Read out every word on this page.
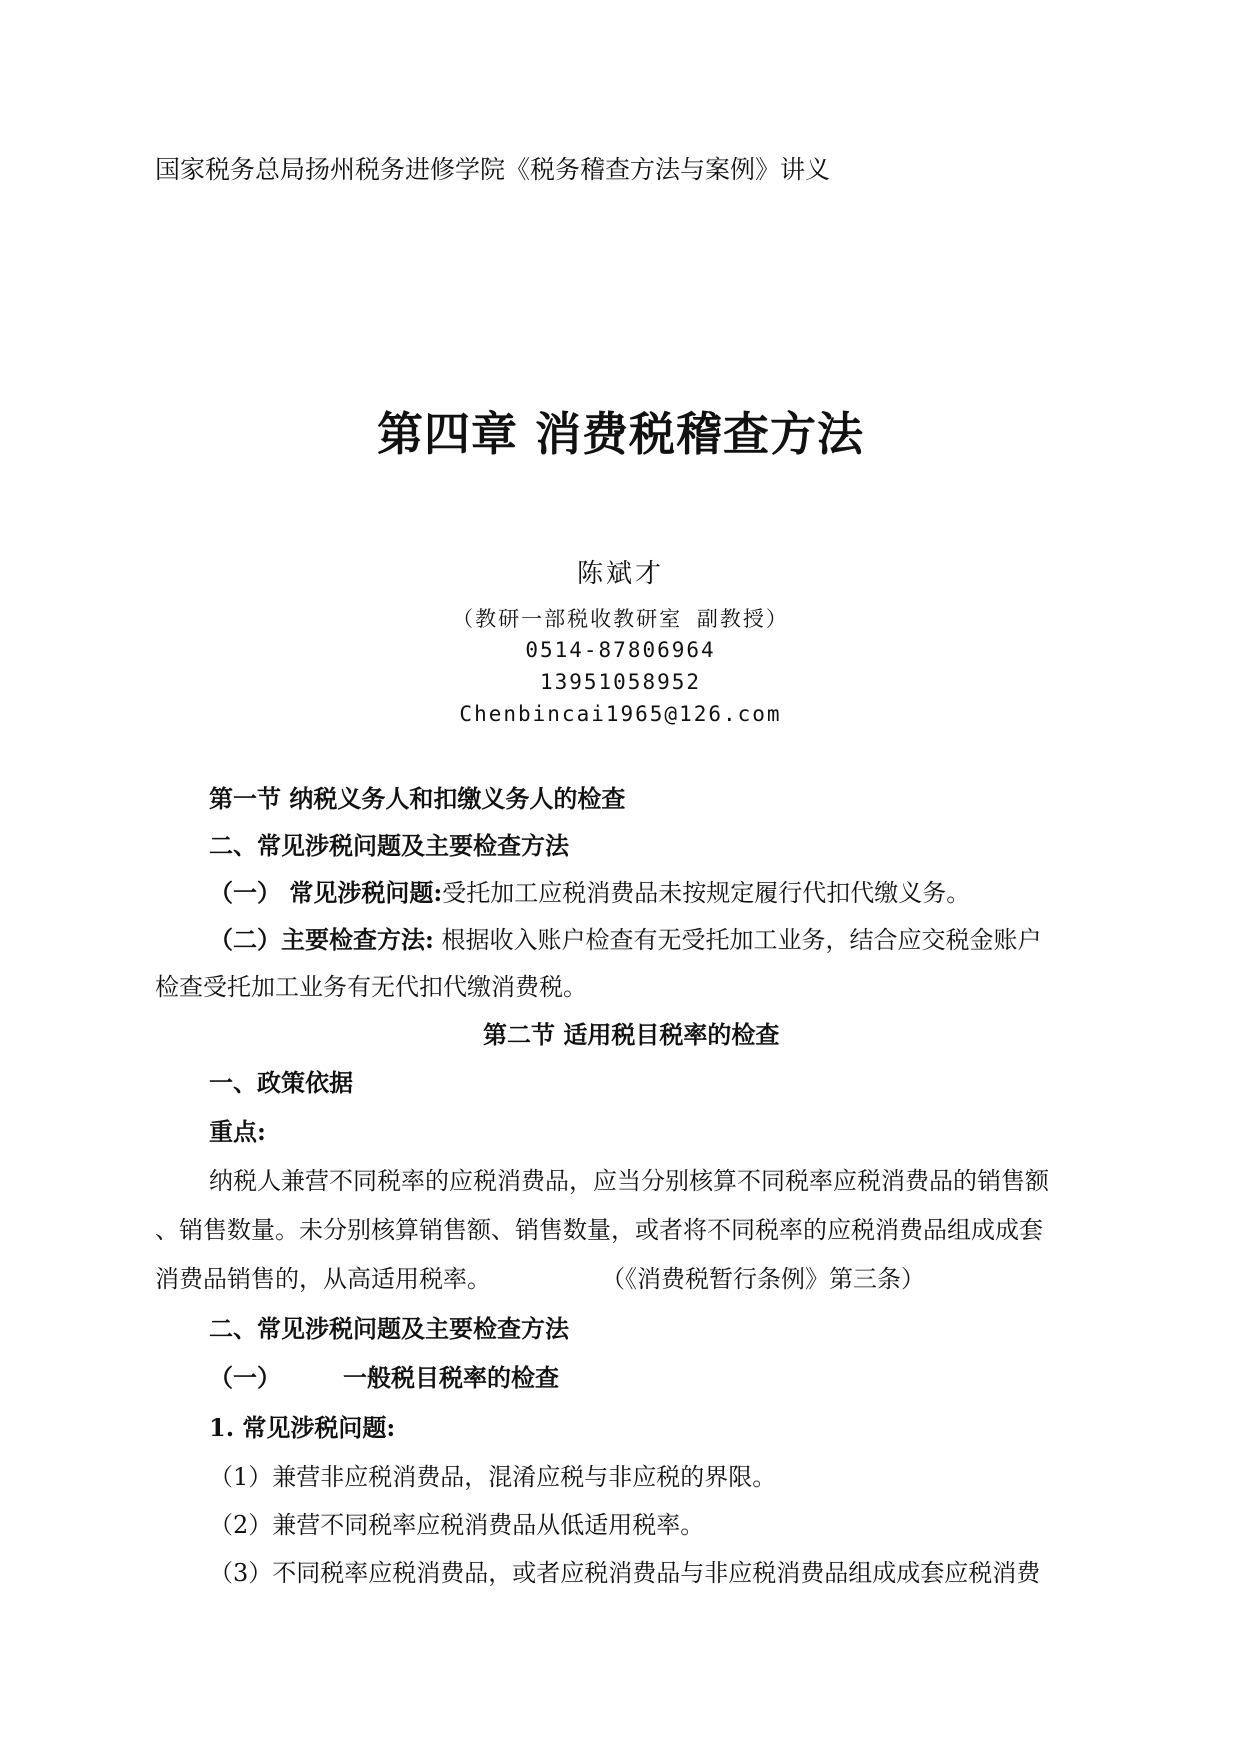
国家税务总局扬州税务进修学院《税务稽查方法与案例》讲义
第四章 消费税稽查方法
陈斌才
（教研一部税收教研室 副教授）
0514-87806964
13951058952
Chenbincai1965@126.com
第一节 纳税义务人和扣缴义务人的检查
二、常见涉税问题及主要检查方法
（一） 常见涉税问题:受托加工应税消费品未按规定履行代扣代缴义务。
（二）主要检查方法: 根据收入账户检查有无受托加工业务，结合应交税金账户
检查受托加工业务有无代扣代缴消费税。
第二节 适用税目税率的检查
一、政策依据
重点:
纳税人兼营不同税率的应税消费品，应当分别核算不同税率应税消费品的销售额
、销售数量。未分别核算销售额、销售数量，或者将不同税率的应税消费品组成成套
消费品销售的，从高适用税率。	（《消费税暂行条例》第三条）
二、常见涉税问题及主要检查方法
（一）	一般税目税率的检查
1. 常见涉税问题:
（1）兼营非应税消费品，混淆应税与非应税的界限。
（2）兼营不同税率应税消费品从低适用税率。
（3）不同税率应税消费品，或者应税消费品与非应税消费品组成成套应税消费
